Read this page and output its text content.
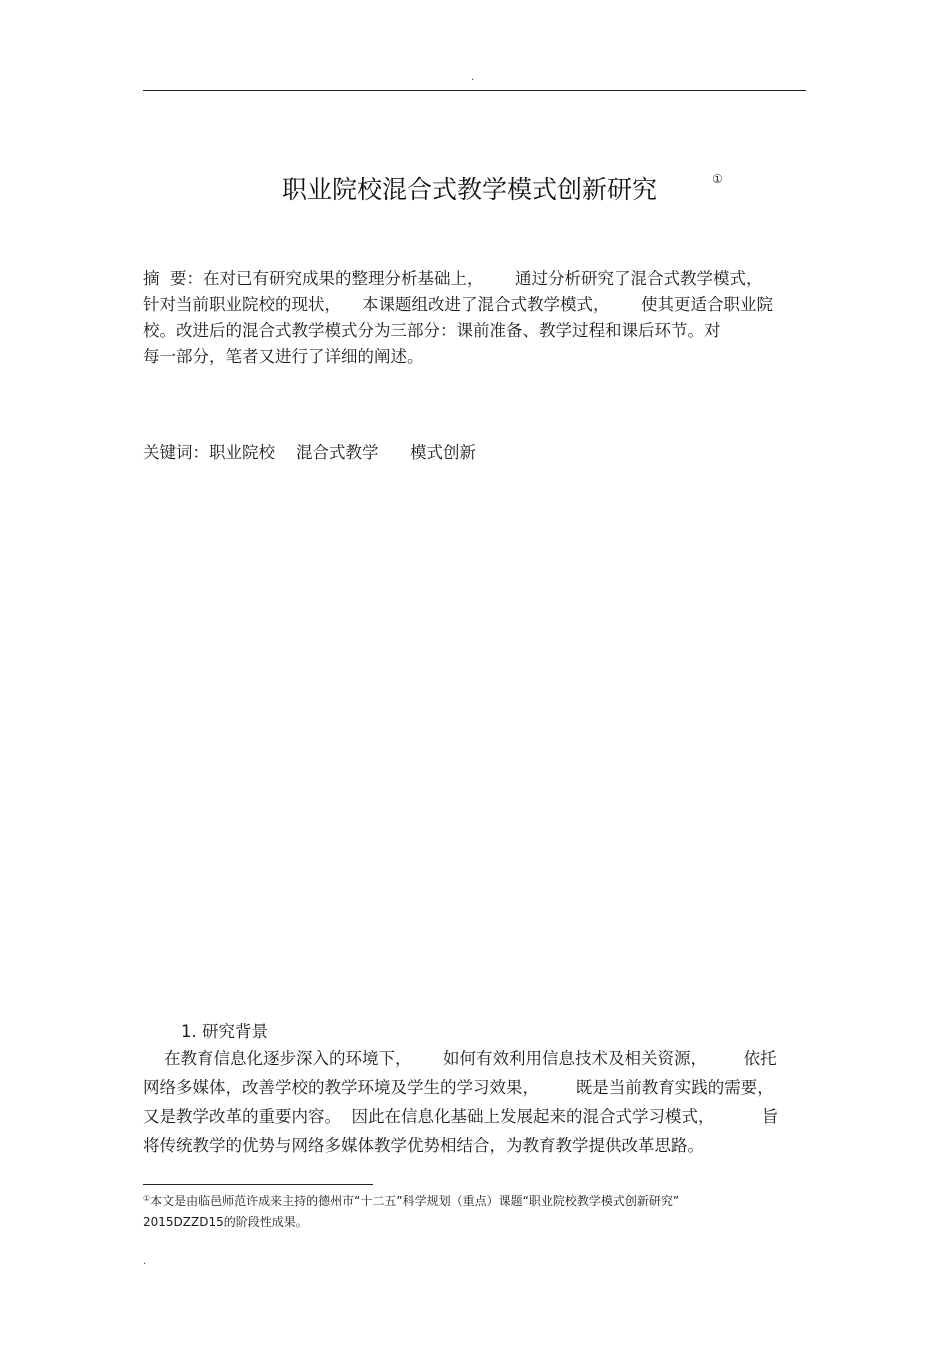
.
职业院校混合式教学模式创新研究	①
摘  要：在对已有研究成果的整理分析基础上，      通过分析研究了混合式教学模式，
针对当前职业院校的现状，    本课题组改进了混合式教学模式，      使其更适合职业院
校。改进后的混合式教学模式分为三部分：课前准备、教学过程和课后环节。对
每一部分，笔者又进行了详细的阐述。
关键词：职业院校    混合式教学      模式创新
1. 研究背景
在教育信息化逐步深入的环境下，      如何有效利用信息技术及相关资源，       依托
网络多媒体，改善学校的教学环境及学生的学习效果，       既是当前教育实践的需要，
又是教学改革的重要内容。  因此在信息化基础上发展起来的混合式学习模式，         旨
将传统教学的优势与网络多媒体教学优势相结合，为教育教学提供改革思路。
①本文是由临邑师范许成来主持的德州市“十二五”科学规划（重点）课题“职业院校教学模式创新研究”
2015DZZD15的阶段性成果。
.
